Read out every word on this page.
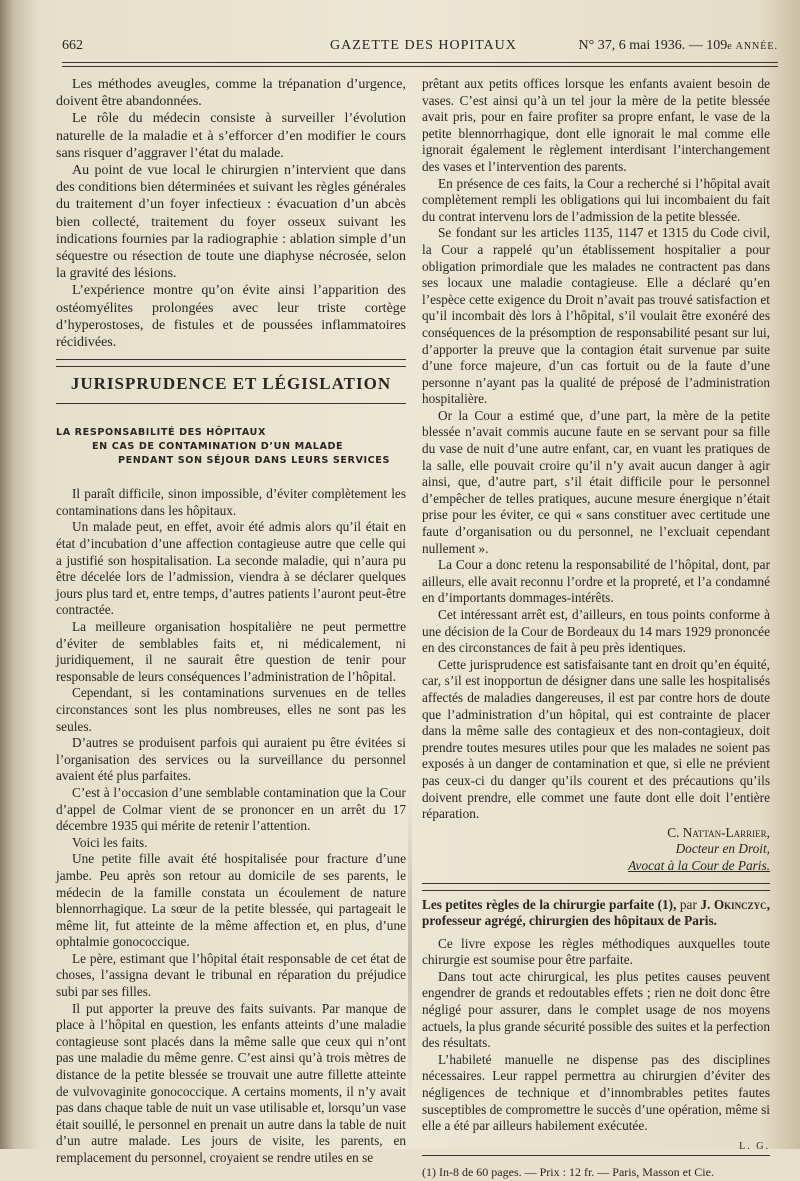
662	GAZETTE DES HOPITAUX	N° 37, 6 mai 1936. — 109e ANNÉE.

Les méthodes aveugles, comme la trépanation d’urgence, doivent être abandonnées.

Le rôle du médecin consiste à surveiller l’évolution naturelle de la maladie et à s’efforcer d’en modifier le cours sans risquer d’aggraver l’état du malade.

Au point de vue local le chirurgien n’intervient que dans des conditions bien déterminées et suivant les règles générales du traitement d’un foyer infectieux : évacuation d’un abcès bien collecté, traitement du foyer osseux suivant les indications fournies par la radiographie : ablation simple d’un séquestre ou résection de toute une diaphyse nécrosée, selon la gravité des lésions.

L’expérience montre qu’on évite ainsi l’apparition des ostéomyélites prolongées avec leur triste cortège d’hyperostoses, de fistules et de poussées inflammatoires récidivées.

JURISPRUDENCE ET LÉGISLATION
LA RESPONSABILITÉ DES HÔPITAUX
EN CAS DE CONTAMINATION D’UN MALADE
PENDANT SON SÉJOUR DANS LEURS SERVICES

Il paraît difficile, sinon impossible, d’éviter complètement les contaminations dans les hôpitaux.

Un malade peut, en effet, avoir été admis alors qu’il était en état d’incubation d’une affection contagieuse autre que celle qui a justifié son hospitalisation. La seconde maladie, qui n’aura pu être décelée lors de l’admission, viendra à se déclarer quelques jours plus tard et, entre temps, d’autres patients l’auront peut-être contractée.

La meilleure organisation hospitalière ne peut permettre d’éviter de semblables faits et, ni médicalement, ni juridiquement, il ne saurait être question de tenir pour responsable de leurs conséquences l’administration de l’hôpital.

Cependant, si les contaminations survenues en de telles circonstances sont les plus nombreuses, elles ne sont pas les seules.

D’autres se produisent parfois qui auraient pu être évitées si l’organisation des services ou la surveillance du personnel avaient été plus parfaites.

C’est à l’occasion d’une semblable contamination que la Cour d’appel de Colmar vient de se prononcer en un arrêt du 17 décembre 1935 qui mérite de retenir l’attention.

Voici les faits.

Une petite fille avait été hospitalisée pour fracture d’une jambe. Peu après son retour au domicile de ses parents, le médecin de la famille constata un écoulement de nature blennorrhagique. La sœur de la petite blessée, qui partageait le même lit, fut atteinte de la même affection et, en plus, d’une ophtalmie gonococcique.

Le père, estimant que l’hôpital était responsable de cet état de choses, l’assigna devant le tribunal en réparation du préjudice subi par ses filles.

Il put apporter la preuve des faits suivants. Par manque de place à l’hôpital en question, les enfants atteints d’une maladie contagieuse sont placés dans la même salle que ceux qui n’ont pas une maladie du même genre. C’est ainsi qu’à trois mètres de distance de la petite blessée se trouvait une autre fillette atteinte de vulvovaginite gonococcique. A certains moments, il n’y avait pas dans chaque table de nuit un vase utilisable et, lorsqu’un vase était souillé, le personnel en prenait un autre dans la table de nuit d’un autre malade. Les jours de visite, les parents, en remplacement du personnel, croyaient se rendre utiles en se

prêtant aux petits offices lorsque les enfants avaient besoin de vases. C’est ainsi qu’à un tel jour la mère de la petite blessée avait pris, pour en faire profiter sa propre enfant, le vase de la petite blennorrhagique, dont elle ignorait le mal comme elle ignorait également le règlement interdisant l’interchangement des vases et l’intervention des parents.

En présence de ces faits, la Cour a recherché si l’hôpital avait complètement rempli les obligations qui lui incombaient du fait du contrat intervenu lors de l’admission de la petite blessée.

Se fondant sur les articles 1135, 1147 et 1315 du Code civil, la Cour a rappelé qu’un établissement hospitalier a pour obligation primordiale que les malades ne contractent pas dans ses locaux une maladie contagieuse. Elle a déclaré qu’en l’espèce cette exigence du Droit n’avait pas trouvé satisfaction et qu’il incombait dès lors à l’hôpital, s’il voulait être exonéré des conséquences de la présomption de responsabilité pesant sur lui, d’apporter la preuve que la contagion était survenue par suite d’une force majeure, d’un cas fortuit ou de la faute d’une personne n’ayant pas la qualité de préposé de l’administration hospitalière.

Or la Cour a estimé que, d’une part, la mère de la petite blessée n’avait commis aucune faute en se servant pour sa fille du vase de nuit d’une autre enfant, car, en vuant les pratiques de la salle, elle pouvait croire qu’il n’y avait aucun danger à agir ainsi, que, d’autre part, s’il était difficile pour le personnel d’empêcher de telles pratiques, aucune mesure énergique n’était prise pour les éviter, ce qui « sans constituer avec certitude une faute d’organisation ou du personnel, ne l’excluait cependant nullement ».

La Cour a donc retenu la responsabilité de l’hôpital, dont, par ailleurs, elle avait reconnu l’ordre et la propreté, et l’a condamné en d’importants dommages-intérêts.

Cet intéressant arrêt est, d’ailleurs, en tous points conforme à une décision de la Cour de Bordeaux du 14 mars 1929 prononcée en des circonstances de fait à peu près identiques.

Cette jurisprudence est satisfaisante tant en droit qu’en équité, car, s’il est inopportun de désigner dans une salle les hospitalisés affectés de maladies dangereuses, il est par contre hors de doute que l’administration d’un hôpital, qui est contrainte de placer dans la même salle des contagieux et des non-contagieux, doit prendre toutes mesures utiles pour que les malades ne soient pas exposés à un danger de contamination et que, si elle ne prévient pas ceux-ci du danger qu’ils courent et des précautions qu’ils doivent prendre, elle commet une faute dont elle doit l’entière réparation.

C. Nattan-Larrier,
Docteur en Droit,
Avocat à la Cour de Paris.

Les petites règles de la chirurgie parfaite (1), par J. Okinczyc, professeur agrégé, chirurgien des hôpitaux de Paris.

Ce livre expose les règles méthodiques auxquelles toute chirurgie est soumise pour être parfaite.

Dans tout acte chirurgical, les plus petites causes peuvent engendrer de grands et redoutables effets ; rien ne doit donc être négligé pour assurer, dans le complet usage de nos moyens actuels, la plus grande sécurité possible des suites et la perfection des résultats.

L’habileté manuelle ne dispense pas des disciplines nécessaires. Leur rappel permettra au chirurgien d’éviter des négligences de technique et d’innombrables petites fautes susceptibles de compromettre le succès d’une opération, même si elle a été par ailleurs habilement exécutée.

L. G.

(1) In-8 de 60 pages. — Prix : 12 fr. — Paris, Masson et Cie.
